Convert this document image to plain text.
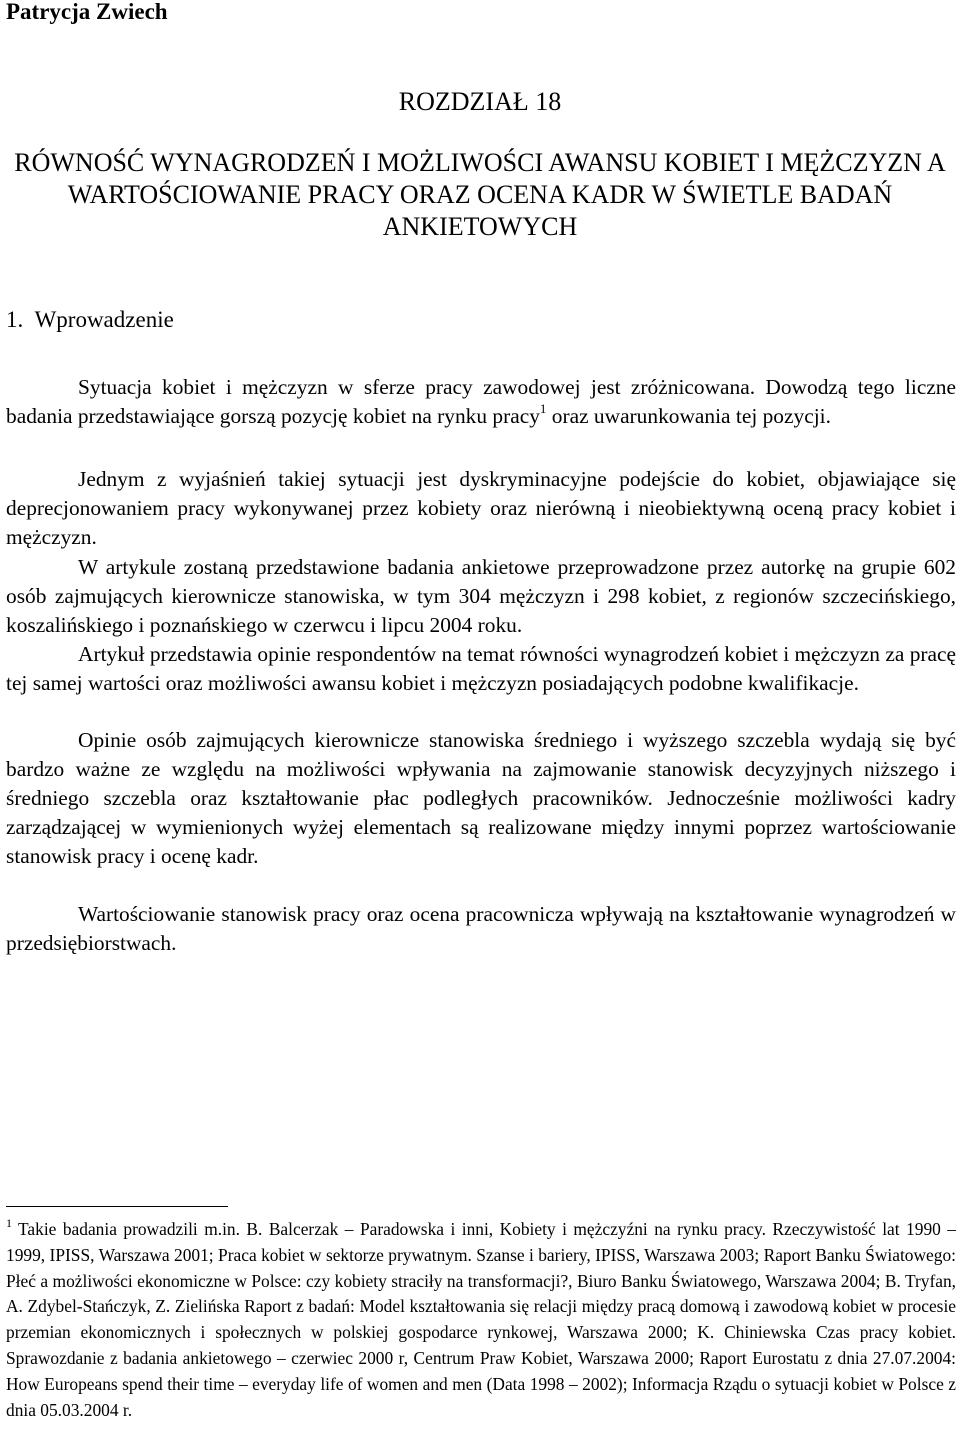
Patrycja Zwiech
ROZDZIAŁ 18
RÓWNOŚĆ WYNAGRODZEŃ I MOŻLIWOŚCI AWANSU KOBIET I MĘŻCZYZN A WARTOŚCIOWANIE PRACY ORAZ OCENA KADR W ŚWIETLE BADAŃ ANKIETOWYCH
1. Wprowadzenie

Sytuacja kobiet i mężczyzn w sferze pracy zawodowej jest zróżnicowana. Dowodzą tego liczne badania przedstawiające gorszą pozycję kobiet na rynku pracy$^1$ oraz uwarunkowania tej pozycji.

Jednym z wyjaśnień takiej sytuacji jest dyskryminacyjne podejście do kobiet, objawiające się deprecjonowaniem pracy wykonywanej przez kobiety oraz nierówną i nieobiektywną oceną pracy kobiet i mężczyzn.

W artykule zostaną przedstawione badania ankietowe przeprowadzone przez autorkę na grupie 602 osób zajmujących kierownicze stanowiska, w tym 304 mężczyzn i 298 kobiet, z regionów szczecińskiego, koszalińskiego i poznańskiego w czerwcu i lipcu 2004 roku.

Artykuł przedstawia opinie respondentów na temat równości wynagrodzeń kobiet i mężczyzn za pracę tej samej wartości oraz możliwości awansu kobiet i mężczyzn posiadających podobne kwalifikacje.

Opinie osób zajmujących kierownicze stanowiska średniego i wyższego szczebla wydają się być bardzo ważne ze względu na możliwości wpływania na zajmowanie stanowisk decyzyjnych niższego i średniego szczebla oraz kształtowanie płac podległych pracowników. Jednocześnie możliwości kadry zarządzającej w wymienionych wyżej elementach są realizowane między innymi poprzez wartościowanie stanowisk pracy i ocenę kadr.

Wartościowanie stanowisk pracy oraz ocena pracownicza wpływają na kształtowanie wynagrodzeń w przedsiębiorstwach.

$^1$ Takie badania prowadzili m.in. B. Balcerzak – Paradowska i inni, Kobiety i mężczyźni na rynku pracy. Rzeczywistość lat 1990 – 1999, IPISS, Warszawa 2001; Praca kobiet w sektorze prywatnym. Szanse i bariery, IPISS, Warszawa 2003; Raport Banku Światowego: Płeć a możliwości ekonomiczne w Polsce: czy kobiety straciły na transformacji?, Biuro Banku Światowego, Warszawa 2004; B. Tryfan, A. Zdybel-Stańczyk, Z. Zielińska Raport z badań: Model kształtowania się relacji między pracą domową i zawodową kobiet w procesie przemian ekonomicznych i społecznych w polskiej gospodarce rynkowej, Warszawa 2000; K. Chiniewska Czas pracy kobiet. Sprawozdanie z badania ankietowego – czerwiec 2000 r, Centrum Praw Kobiet, Warszawa 2000; Raport Eurostatu z dnia 27.07.2004: How Europeans spend their time – everyday life of women and men (Data 1998 – 2002); Informacja Rządu o sytuacji kobiet w Polsce z dnia 05.03.2004 r.
